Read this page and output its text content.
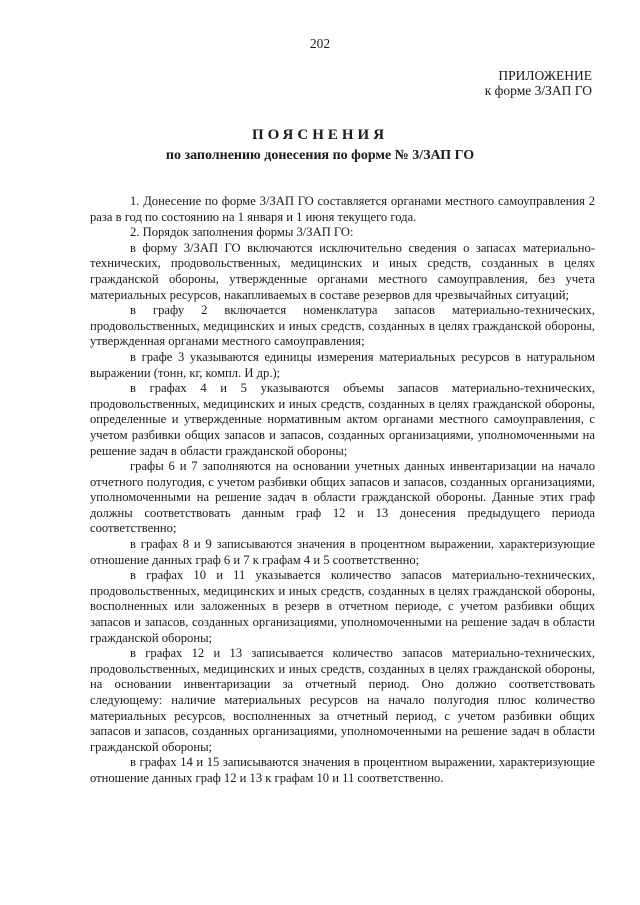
202
ПРИЛОЖЕНИЕ
к форме 3/ЗАП ГО
ПОЯСНЕНИЯ
по заполнению донесения по форме № 3/ЗАП ГО

1. Донесение по форме 3/ЗАП ГО составляется органами местного самоуправления 2 раза в год по состоянию на 1 января и 1 июня текущего года.

2. Порядок заполнения формы 3/ЗАП ГО:

в форму 3/ЗАП ГО включаются исключительно сведения о запасах материально-технических, продовольственных, медицинских и иных средств, созданных в целях гражданской обороны, утвержденные органами местного самоуправления, без учета материальных ресурсов, накапливаемых в составе резервов для чрезвычайных ситуаций;

в графу 2 включается номенклатура запасов материально-технических, продовольственных, медицинских и иных средств, созданных в целях гражданской обороны, утвержденная органами местного самоуправления;

в графе 3 указываются единицы измерения материальных ресурсов в натуральном выражении (тонн, кг, компл. И др.);

в графах 4 и 5 указываются объемы запасов материально-технических, продовольственных, медицинских и иных средств, созданных в целях гражданской обороны, определенные и утвержденные нормативным актом органами местного самоуправления, с учетом разбивки общих запасов и запасов, созданных организациями, уполномоченными на решение задач в области гражданской обороны;

графы 6 и 7 заполняются на основании учетных данных инвентаризации на начало отчетного полугодия, с учетом разбивки общих запасов и запасов, созданных организациями, уполномоченными на решение задач в области гражданской обороны. Данные этих граф должны соответствовать данным граф 12 и 13 донесения предыдущего периода соответственно;

в графах 8 и 9 записываются значения в процентном выражении, характеризующие отношение данных граф 6 и 7 к графам 4 и 5 соответственно;

в графах 10 и 11 указывается количество запасов материально-технических, продовольственных, медицинских и иных средств, созданных в целях гражданской обороны, восполненных или заложенных в резерв в отчетном периоде, с учетом разбивки общих запасов и запасов, созданных организациями, уполномоченными на решение задач в области гражданской обороны;

в графах 12 и 13 записывается количество запасов материально-технических, продовольственных, медицинских и иных средств, созданных в целях гражданской обороны, на основании инвентаризации за отчетный период. Оно должно соответствовать следующему: наличие материальных ресурсов на начало полугодия плюс количество материальных ресурсов, восполненных за отчетный период, с учетом разбивки общих запасов и запасов, созданных организациями, уполномоченными на решение задач в области гражданской обороны;

в графах 14 и 15 записываются значения в процентном выражении, характеризующие отношение данных граф 12 и 13 к графам 10 и 11 соответственно.
